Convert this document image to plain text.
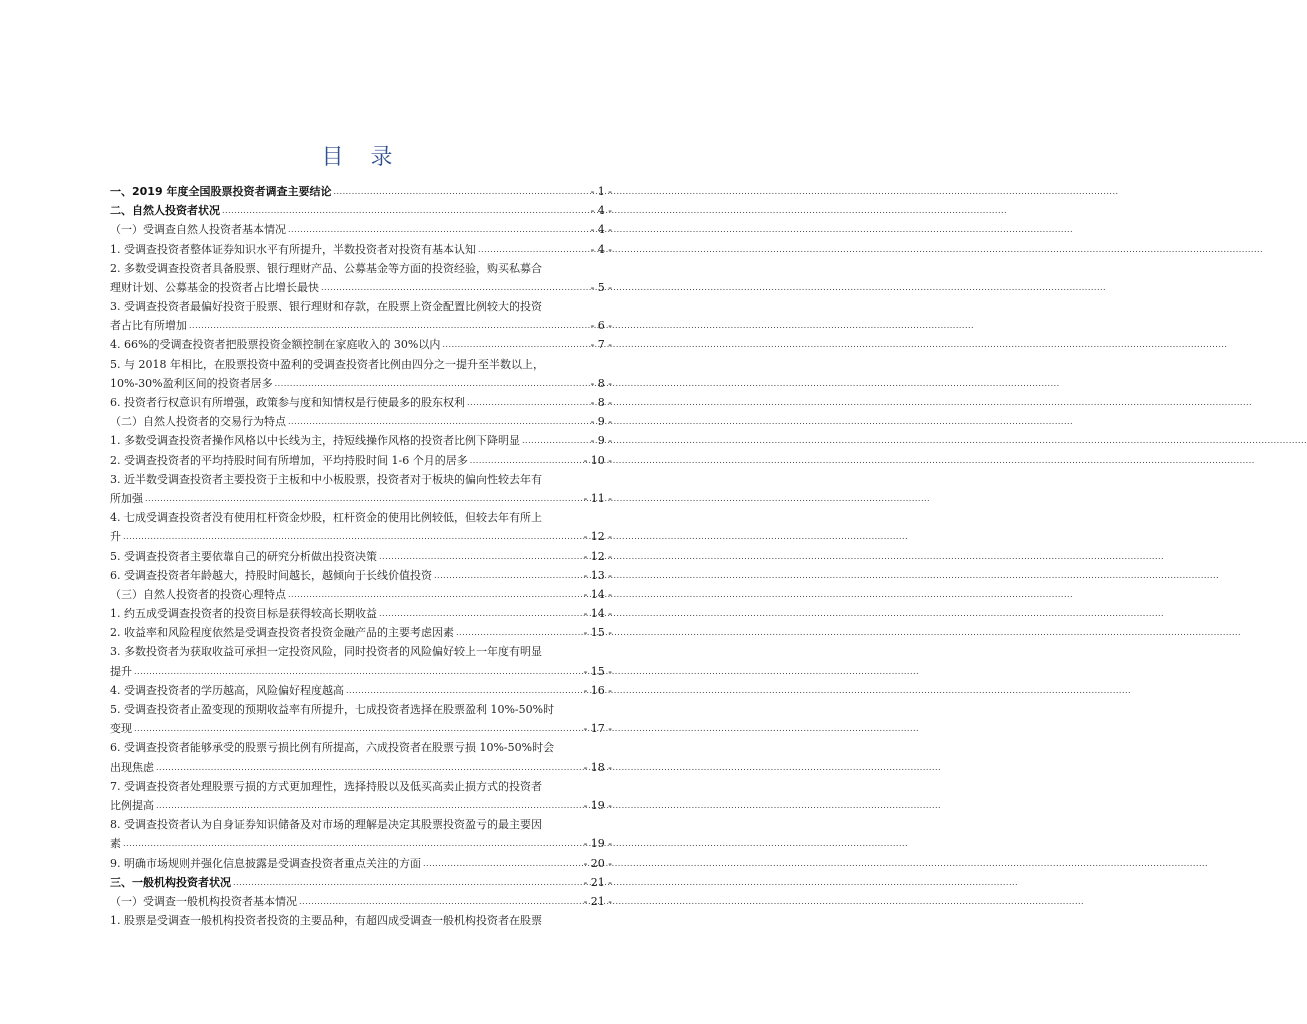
目 录
一、2019 年度全国股票投资者调查主要结论 .....	- 1 -
二、自然人投资者状况 .....	- 4 -
（一）受调查自然人投资者基本情况 .....	- 4 -
1. 受调查投资者整体证券知识水平有所提升，半数投资者对投资有基本认知 .....	- 4 -
2. 多数受调查投资者具备股票、银行理财产品、公募基金等方面的投资经验，购买私募合
理财计划、公募基金的投资者占比增长最快 .....	- 5 -
3. 受调查投资者最偏好投资于股票、银行理财和存款，在股票上资金配置比例较大的投资
者占比有所增加 .....	- 6 -
4. 66%的受调查投资者把股票投资金额控制在家庭收入的 30%以内 .....	- 7 -
5. 与 2018 年相比，在股票投资中盈利的受调查投资者比例由四分之一提升至半数以上，
10%-30%盈利区间的投资者居多 .....	- 8 -
6. 投资者行权意识有所增强，政策参与度和知情权是行使最多的股东权利 .....	- 8 -
（二）自然人投资者的交易行为特点 .....	- 9 -
1. 多数受调查投资者操作风格以中长线为主，持短线操作风格的投资者比例下降明显 .....	- 9 -
2. 受调查投资者的平均持股时间有所增加，平均持股时间 1-6 个月的居多 .....	- 10 -
3. 近半数受调查投资者主要投资于主板和中小板股票，投资者对于板块的偏向性较去年有
所加强 .....	- 11 -
4. 七成受调查投资者没有使用杠杆资金炒股，杠杆资金的使用比例较低，但较去年有所上
升 .....	- 12 -
5. 受调查投资者主要依靠自己的研究分析做出投资决策 .....	- 12 -
6. 受调查投资者年龄越大，持股时间越长，越倾向于长线价值投资 .....	- 13 -
（三）自然人投资者的投资心理特点 .....	- 14 -
1. 约五成受调查投资者的投资目标是获得较高长期收益 .....	- 14 -
2. 收益率和风险程度依然是受调查投资者投资金融产品的主要考虑因素 .....	- 15 -
3. 多数投资者为获取收益可承担一定投资风险，同时投资者的风险偏好较上一年度有明显
提升 .....	- 15 -
4. 受调查投资者的学历越高，风险偏好程度越高 .....	- 16 -
5. 受调查投资者止盈变现的预期收益率有所提升，七成投资者选择在股票盈利 10%-50%时
变现 .....	- 17 -
6. 受调查投资者能够承受的股票亏损比例有所提高，六成投资者在股票亏损 10%-50%时会
出现焦虑 .....	- 18 -
7. 受调查投资者处理股票亏损的方式更加理性，选择持股以及低买高卖止损方式的投资者
比例提高 .....	- 19 -
8. 受调查投资者认为自身证券知识储备及对市场的理解是决定其股票投资盈亏的最主要因
素 .....	- 19 -
9. 明确市场规则并强化信息披露是受调查投资者重点关注的方面 .....	- 20 -
三、一般机构投资者状况 .....	- 21 -
（一）受调查一般机构投资者基本情况 .....	- 21 -
1. 股票是受调查一般机构投资者投资的主要品种，有超四成受调查一般机构投资者在股票
